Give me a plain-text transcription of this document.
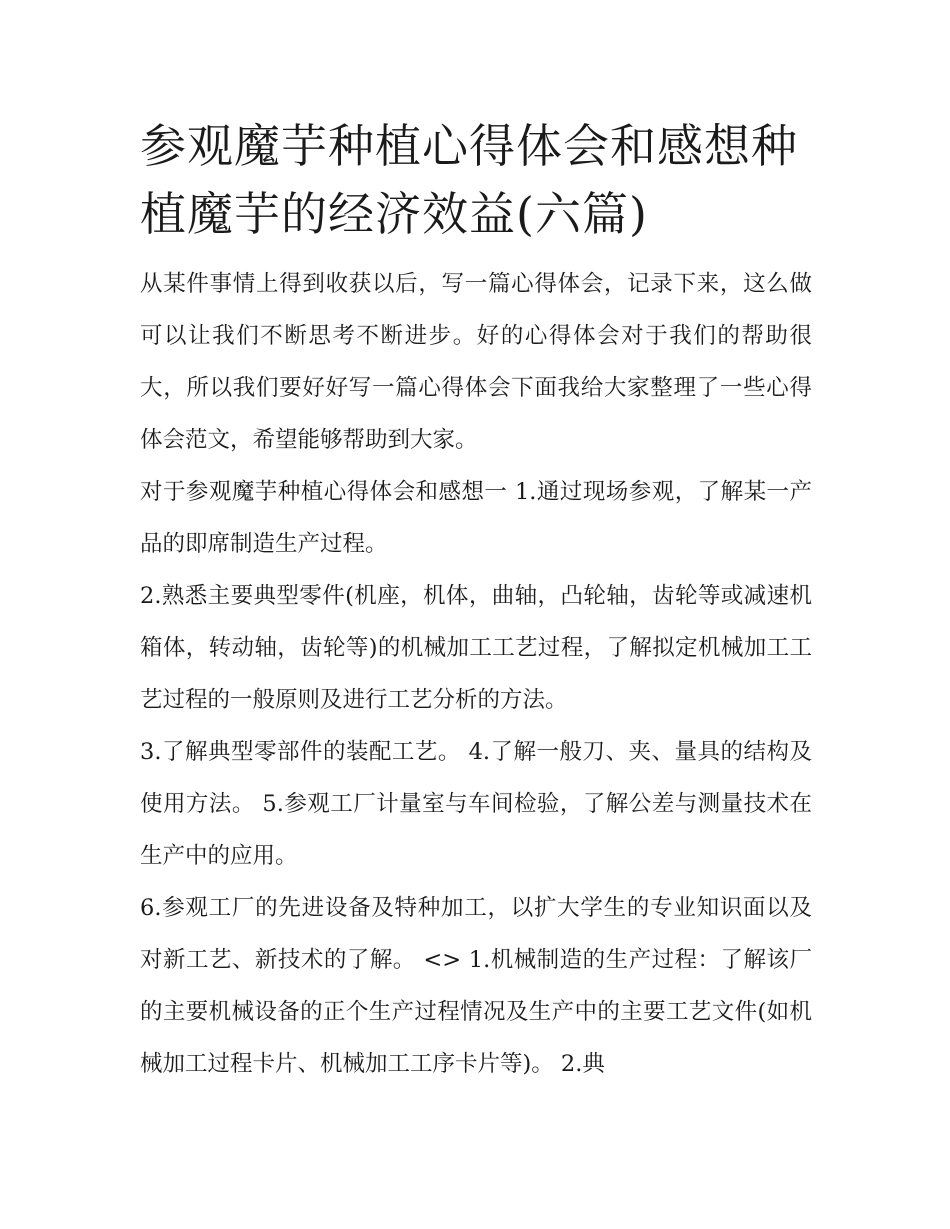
参观魔芋种植心得体会和感想种植魔芋的经济效益(六篇)

从某件事情上得到收获以后，写一篇心得体会，记录下来，这么做可以让我们不断思考不断进步。好的心得体会对于我们的帮助很大，所以我们要好好写一篇心得体会下面我给大家整理了一些心得体会范文，希望能够帮助到大家。

对于参观魔芋种植心得体会和感想一 1.通过现场参观，了解某一产品的即席制造生产过程。

2.熟悉主要典型零件(机座，机体，曲轴，凸轮轴，齿轮等或减速机箱体，转动轴，齿轮等)的机械加工工艺过程，了解拟定机械加工工艺过程的一般原则及进行工艺分析的方法。

3.了解典型零部件的装配工艺。 4.了解一般刀、夹、量具的结构及使用方法。 5.参观工厂计量室与车间检验，了解公差与测量技术在生产中的应用。

6.参观工厂的先进设备及特种加工，以扩大学生的专业知识面以及对新工艺、新技术的了解。 <> 1.机械制造的生产过程：了解该厂的主要机械设备的正个生产过程情况及生产中的主要工艺文件(如机械加工过程卡片、机械加工工序卡片等)。 2.典
